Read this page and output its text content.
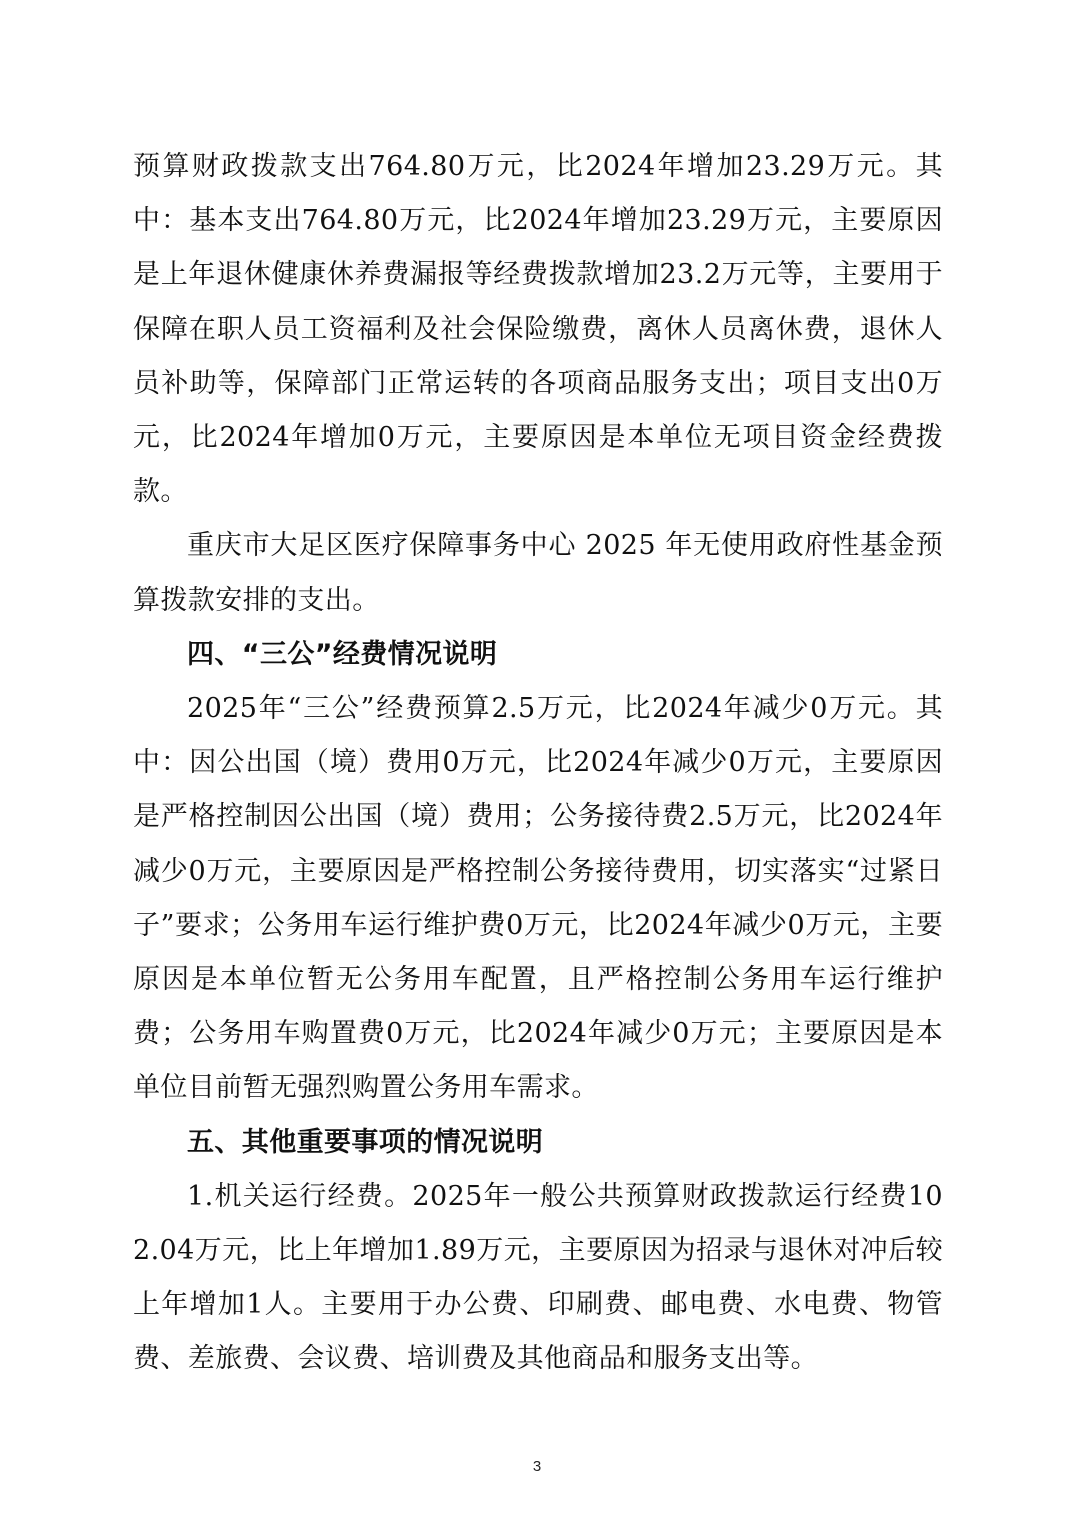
预算财政拨款支出764.80万元，比2024年增加23.29万元。其中：基本支出764.80万元，比2024年增加23.29万元，主要原因是上年退休健康休养费漏报等经费拨款增加23.2万元等，主要用于保障在职人员工资福利及社会保险缴费，离休人员离休费，退休人员补助等，保障部门正常运转的各项商品服务支出；项目支出0万元，比2024年增加0万元，主要原因是本单位无项目资金经费拨款。

重庆市大足区医疗保障事务中心 2025 年无使用政府性基金预算拨款安排的支出。

四、“三公”经费情况说明

2025年“三公”经费预算2.5万元，比2024年减少0万元。其中：因公出国（境）费用0万元，比2024年减少0万元，主要原因是严格控制因公出国（境）费用；公务接待费2.5万元，比2024年减少0万元，主要原因是严格控制公务接待费用，切实落实“过紧日子”要求；公务用车运行维护费0万元，比2024年减少0万元，主要原因是本单位暂无公务用车配置，且严格控制公务用车运行维护费；公务用车购置费0万元，比2024年减少0万元；主要原因是本单位目前暂无强烈购置公务用车需求。

五、其他重要事项的情况说明

1.机关运行经费。2025年一般公共预算财政拨款运行经费102.04万元，比上年增加1.89万元，主要原因为招录与退休对冲后较上年增加1人。主要用于办公费、印刷费、邮电费、水电费、物管费、差旅费、会议费、培训费及其他商品和服务支出等。

3
